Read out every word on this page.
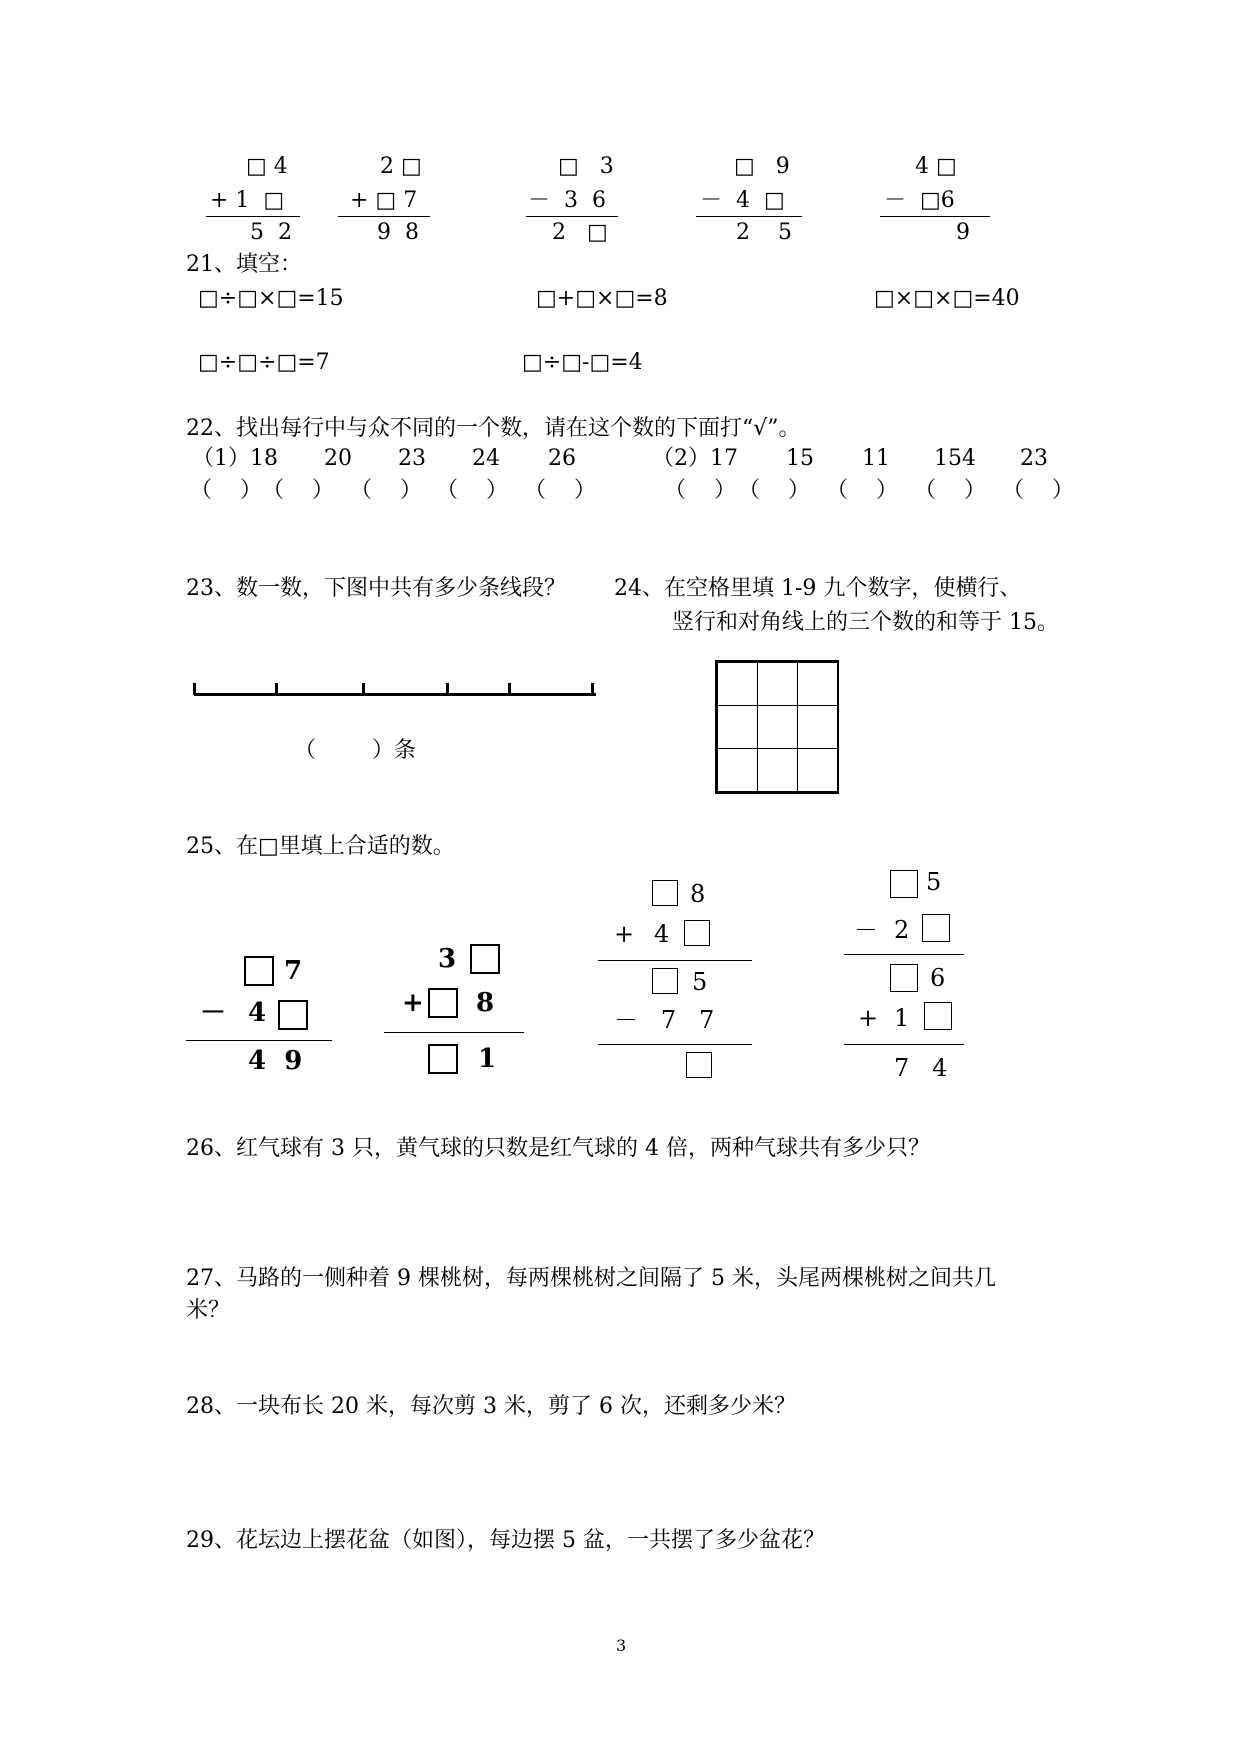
□ 4
+ 1  □
5  2
2 □
+ □ 7
9  8
□   3
－  3  6
2   □
□   9
－  4  □
2    5
4 □
－  □6
9
21、填空：
□÷□×□=15	□+□×□=8	□×□×□=40
□÷□÷□=7	□÷□-□=4
22、找出每行中与众不同的一个数，请在这个数的下面打“√”。
（1） 18 20 23 24 26	（2） 17 15 11 154 23
（    ） （    ） （    ） （    ） （    ）	（    ） （    ） （    ） （    ） （    ）
23、数一数，下图中共有多少条线段？
（        ）条
24、在空格里填 1-9 九个数字，使横行、
竖行和对角线上的三个数的和等于 15。
25、在□里填上合适的数。
7
－ 4
4  9
3
+ 8
1
8
+ 4
5
－   7   7
5
－ 2
6
+ 1
7   4
26、红气球有 3 只，黄气球的只数是红气球的 4 倍，两种气球共有多少只？
27、马路的一侧种着 9 棵桃树，每两棵桃树之间隔了 5 米，头尾两棵桃树之间共几
米？
28、一块布长 20 米，每次剪 3 米，剪了 6 次，还剩多少米？
29、花坛边上摆花盆（如图），每边摆 5 盆，一共摆了多少盆花？
3
